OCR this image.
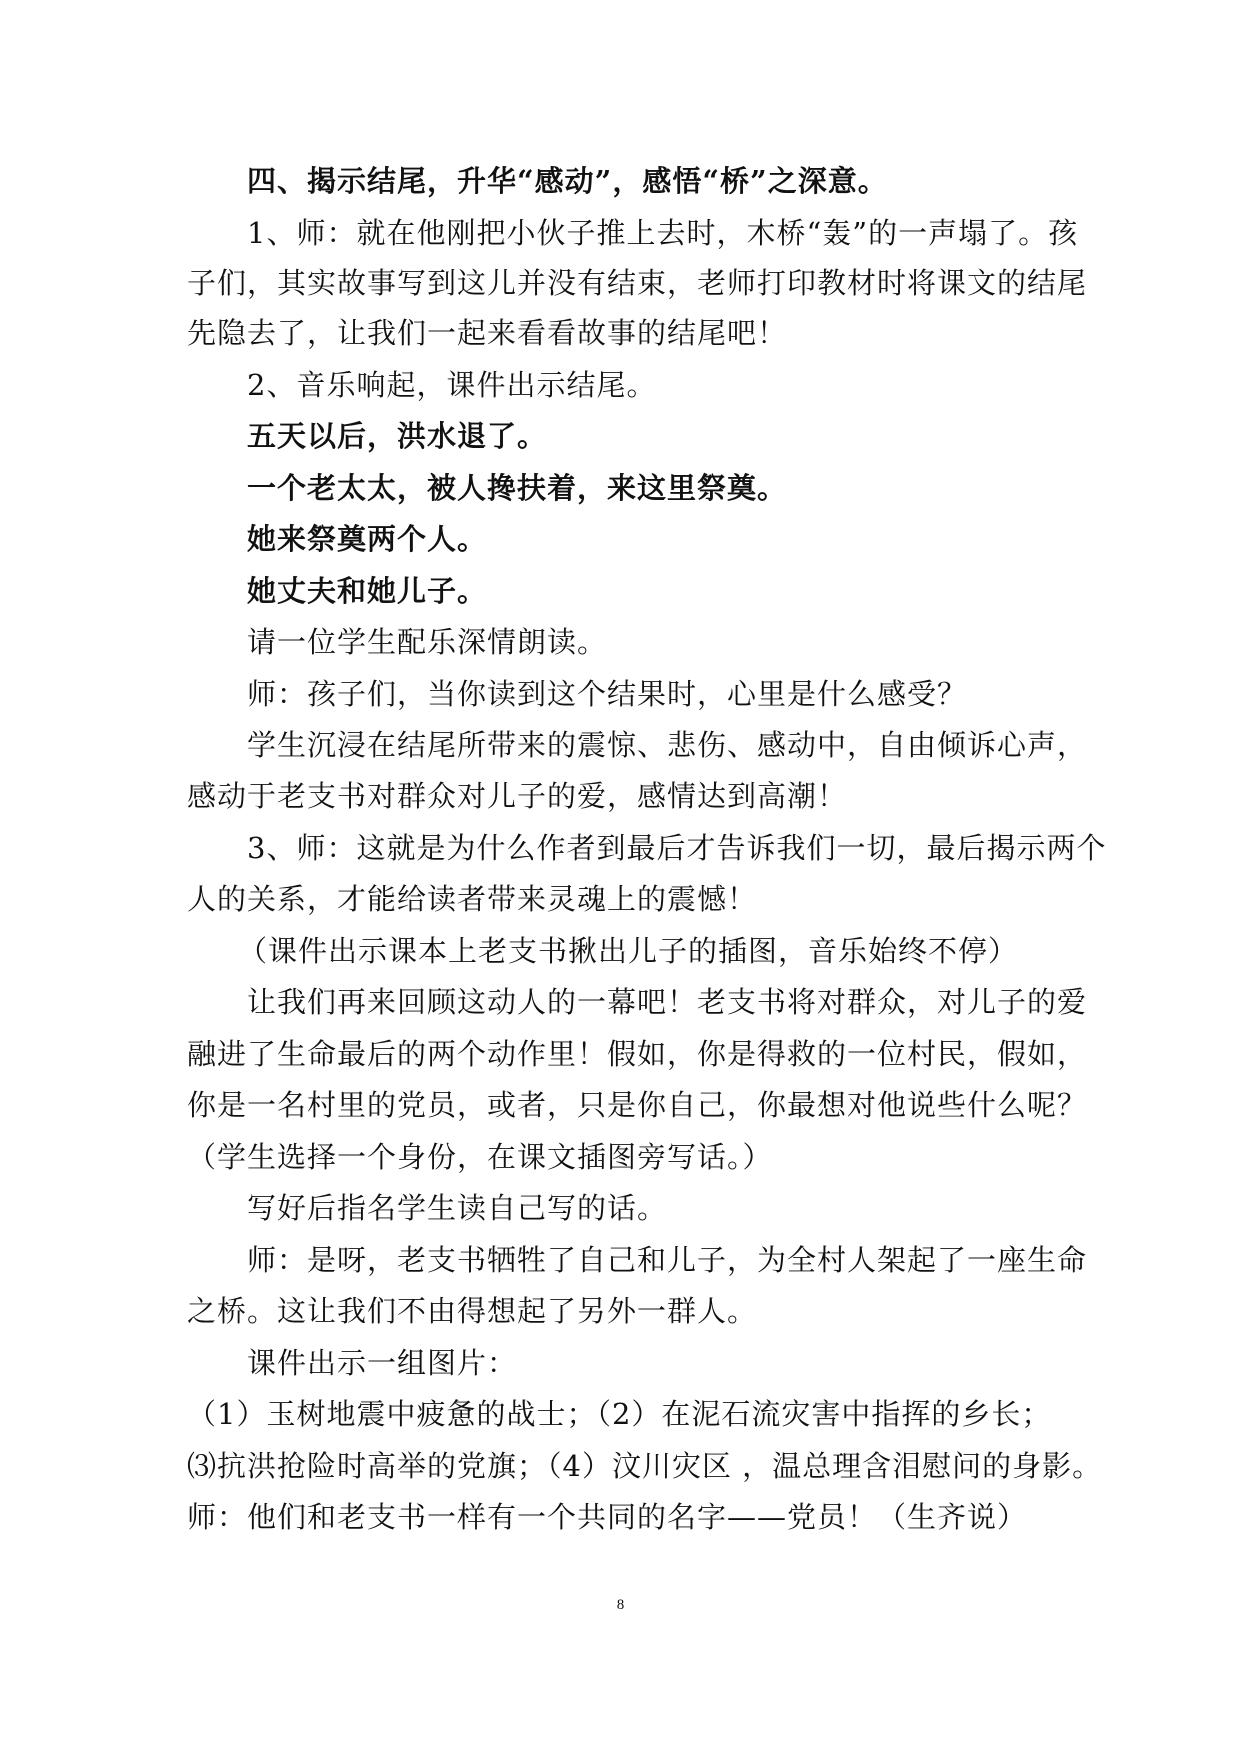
四、揭示结尾，升华“感动”，感悟“桥”之深意。
1、师：就在他刚把小伙子推上去时，木桥“轰”的一声塌了。孩
子们，其实故事写到这儿并没有结束，老师打印教材时将课文的结尾
先隐去了，让我们一起来看看故事的结尾吧！
2、音乐响起，课件出示结尾。
五天以后，洪水退了。
一个老太太，被人搀扶着，来这里祭奠。
她来祭奠两个人。
她丈夫和她儿子。
请一位学生配乐深情朗读。
师：孩子们，当你读到这个结果时，心里是什么感受？
学生沉浸在结尾所带来的震惊、悲伤、感动中，自由倾诉心声，
感动于老支书对群众对儿子的爱，感情达到高潮！
3、师：这就是为什么作者到最后才告诉我们一切，最后揭示两个
人的关系，才能给读者带来灵魂上的震憾！
（课件出示课本上老支书揪出儿子的插图，音乐始终不停）
让我们再来回顾这动人的一幕吧！老支书将对群众，对儿子的爱
融进了生命最后的两个动作里！假如，你是得救的一位村民，假如，
你是一名村里的党员，或者，只是你自己，你最想对他说些什么呢？
（学生选择一个身份，在课文插图旁写话。）
写好后指名学生读自己写的话。
师：是呀，老支书牺牲了自己和儿子，为全村人架起了一座生命
之桥。这让我们不由得想起了另外一群人。
课件出示一组图片：
（1）玉树地震中疲惫的战士；（2）在泥石流灾害中指挥的乡长；
⑶抗洪抢险时高举的党旗；（4）汶川灾区 ，温总理含泪慰问的身影。
师：他们和老支书一样有一个共同的名字——党员！（生齐说）
8
